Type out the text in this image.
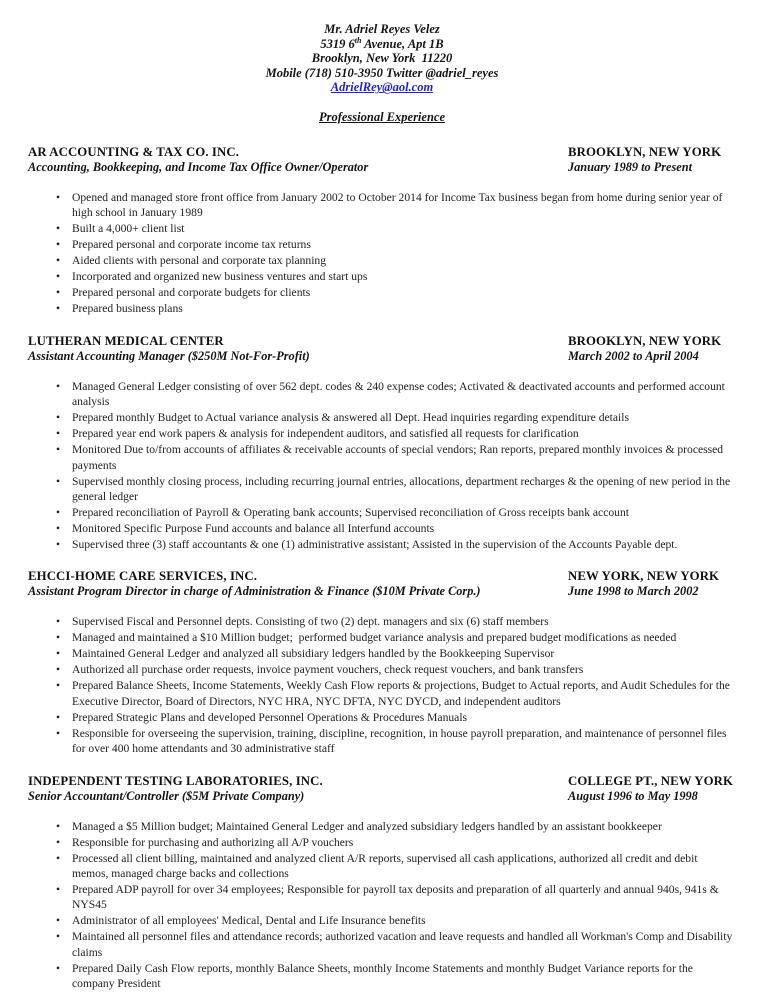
Mr. Adriel Reyes Velez
5319 6th Avenue, Apt 1B
Brooklyn, New York  11220
Mobile (718) 510-3950 Twitter @adriel_reyes
AdrielRey@aol.com
Professional Experience
AR ACCOUNTING & TAX CO. INC.	BROOKLYN, NEW YORK
Accounting, Bookkeeping, and Income Tax Office Owner/Operator	January 1989 to Present
• Opened and managed store front office from January 2002 to October 2014 for Income Tax business began from home during senior year of high school in January 1989
• Built a 4,000+ client list
• Prepared personal and corporate income tax returns
• Aided clients with personal and corporate tax planning
• Incorporated and organized new business ventures and start ups
• Prepared personal and corporate budgets for clients
• Prepared business plans
LUTHERAN MEDICAL CENTER	BROOKLYN, NEW YORK
Assistant Accounting Manager ($250M Not-For-Profit)	March 2002 to April 2004
• Managed General Ledger consisting of over 562 dept. codes & 240 expense codes; Activated & deactivated accounts and performed account analysis
• Prepared monthly Budget to Actual variance analysis & answered all Dept. Head inquiries regarding expenditure details
• Prepared year end work papers & analysis for independent auditors, and satisfied all requests for clarification
• Monitored Due to/from accounts of affiliates & receivable accounts of special vendors; Ran reports, prepared monthly invoices & processed payments
• Supervised monthly closing process, including recurring journal entries, allocations, department recharges & the opening of new period in the general ledger
• Prepared reconciliation of Payroll & Operating bank accounts; Supervised reconciliation of Gross receipts bank account
• Monitored Specific Purpose Fund accounts and balance all Interfund accounts
• Supervised three (3) staff accountants & one (1) administrative assistant; Assisted in the supervision of the Accounts Payable dept.
EHCCI-HOME CARE SERVICES, INC.	NEW YORK, NEW YORK
Assistant Program Director in charge of Administration & Finance ($10M Private Corp.)	June 1998 to March 2002
• Supervised Fiscal and Personnel depts. Consisting of two (2) dept. managers and six (6) staff members
• Managed and maintained a $10 Million budget;  performed budget variance analysis and prepared budget modifications as needed
• Maintained General Ledger and analyzed all subsidiary ledgers handled by the Bookkeeping Supervisor
• Authorized all purchase order requests, invoice payment vouchers, check request vouchers, and bank transfers
• Prepared Balance Sheets, Income Statements, Weekly Cash Flow reports & projections, Budget to Actual reports, and Audit Schedules for the Executive Director, Board of Directors, NYC HRA, NYC DFTA, NYC DYCD, and independent auditors
• Prepared Strategic Plans and developed Personnel Operations & Procedures Manuals
• Responsible for overseeing the supervision, training, discipline, recognition, in house payroll preparation, and maintenance of personnel files for over 400 home attendants and 30 administrative staff
INDEPENDENT TESTING LABORATORIES, INC.	COLLEGE PT., NEW YORK
Senior Accountant/Controller ($5M Private Company)	August 1996 to May 1998
• Managed a $5 Million budget; Maintained General Ledger and analyzed subsidiary ledgers handled by an assistant bookkeeper
• Responsible for purchasing and authorizing all A/P vouchers
• Processed all client billing, maintained and analyzed client A/R reports, supervised all cash applications, authorized all credit and debit memos, managed charge backs and collections
• Prepared ADP payroll for over 34 employees; Responsible for payroll tax deposits and preparation of all quarterly and annual 940s, 941s & NYS45
• Administrator of all employees' Medical, Dental and Life Insurance benefits
• Maintained all personnel files and attendance records; authorized vacation and leave requests and handled all Workman's Comp and Disability claims
• Prepared Daily Cash Flow reports, monthly Balance Sheets, monthly Income Statements and monthly Budget Variance reports for the company President
